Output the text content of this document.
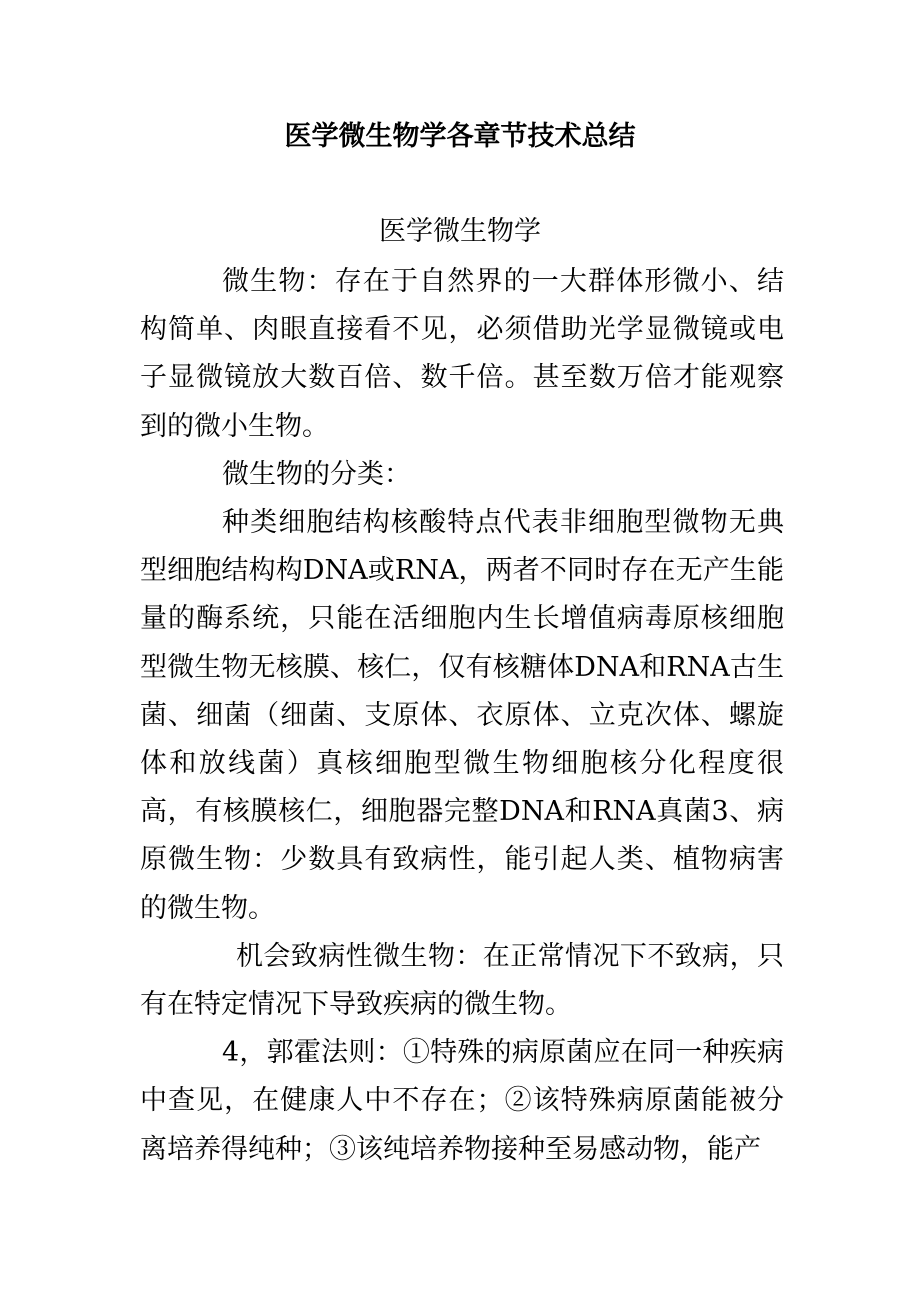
医学微生物学各章节技术总结
医学微生物学

微生物：存在于自然界的一大群体形微小、结构简单、肉眼直接看不见，必须借助光学显微镜或电子显微镜放大数百倍、数千倍。甚至数万倍才能观察到的微小生物。

微生物的分类：

种类细胞结构核酸特点代表非细胞型微物无典型细胞结构构DNA或RNA，两者不同时存在无产生能量的酶系统，只能在活细胞内生长增值病毒原核细胞型微生物无核膜、核仁，仅有核糖体DNA和RNA古生菌、细菌（细菌、支原体、衣原体、立克次体、螺旋体和放线菌）真核细胞型微生物细胞核分化程度很高，有核膜核仁，细胞器完整DNA和RNA真菌3、病原微生物：少数具有致病性，能引起人类、植物病害的微生物。

机会致病性微生物：在正常情况下不致病，只有在特定情况下导致疾病的微生物。

4，郭霍法则：①特殊的病原菌应在同一种疾病中查见，在健康人中不存在；②该特殊病原菌能被分离培养得纯种；③该纯培养物接种至易感动物，能产
